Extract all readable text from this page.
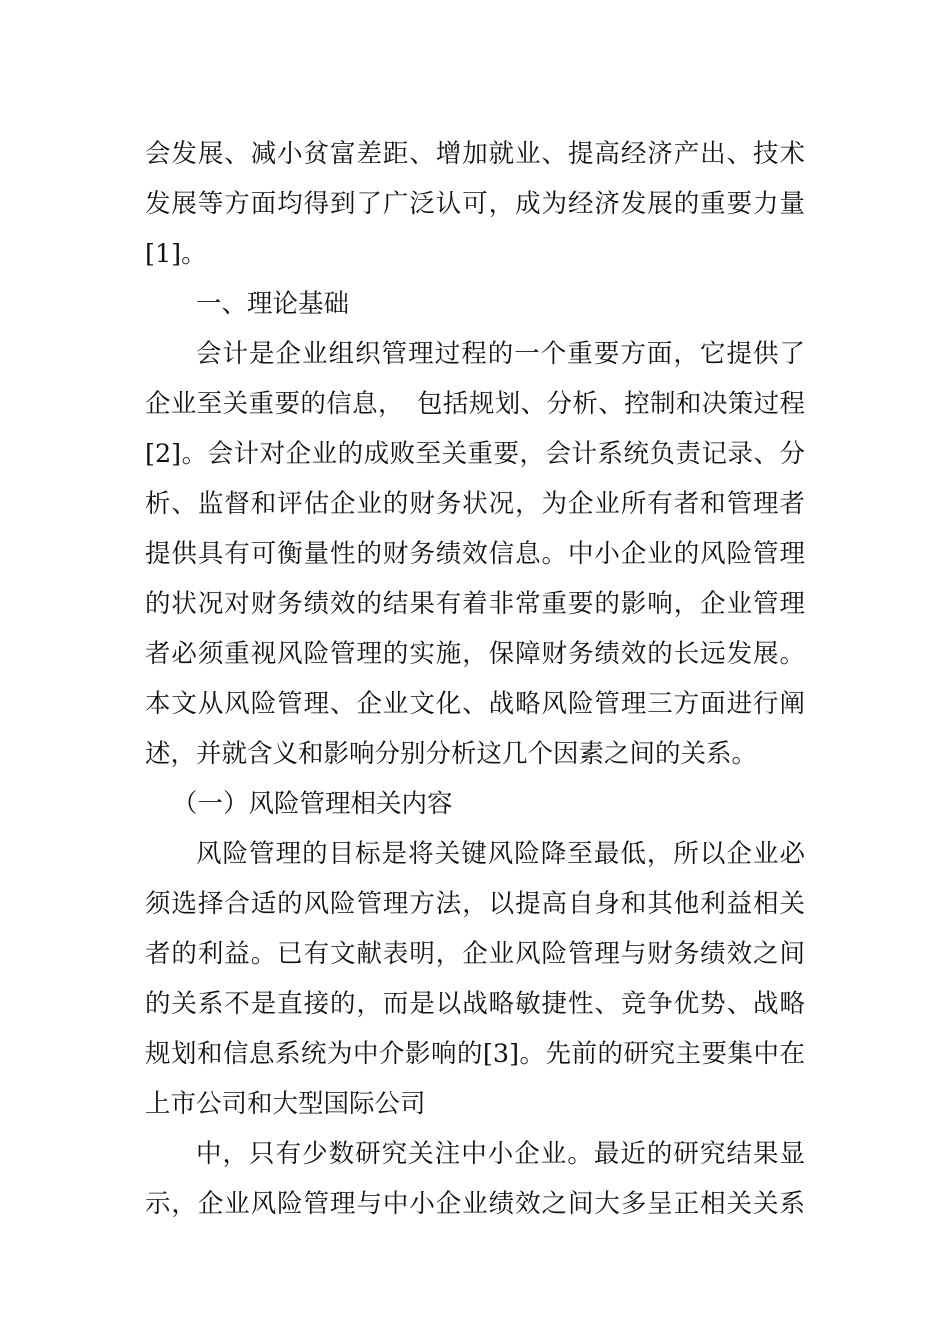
会发展、减小贫富差距、增加就业、提高经济产出、技术
发展等方面均得到了广泛认可，成为经济发展的重要力量
[1]。
一、理论基础
会计是企业组织管理过程的一个重要方面，它提供了
企业至关重要的信息，　包括规划、分析、控制和决策过程
[2]。会计对企业的成败至关重要，会计系统负责记录、分
析、监督和评估企业的财务状况，为企业所有者和管理者
提供具有可衡量性的财务绩效信息。中小企业的风险管理
的状况对财务绩效的结果有着非常重要的影响，企业管理
者必须重视风险管理的实施，保障财务绩效的长远发展。
本文从风险管理、企业文化、战略风险管理三方面进行阐
述，并就含义和影响分别分析这几个因素之间的关系。
（一）风险管理相关内容
风险管理的目标是将关键风险降至最低，所以企业必
须选择合适的风险管理方法，以提高自身和其他利益相关
者的利益。已有文献表明，企业风险管理与财务绩效之间
的关系不是直接的，而是以战略敏捷性、竞争优势、战略
规划和信息系统为中介影响的[3]。先前的研究主要集中在
上市公司和大型国际公司
中，只有少数研究关注中小企业。最近的研究结果显
示，企业风险管理与中小企业绩效之间大多呈正相关关系
